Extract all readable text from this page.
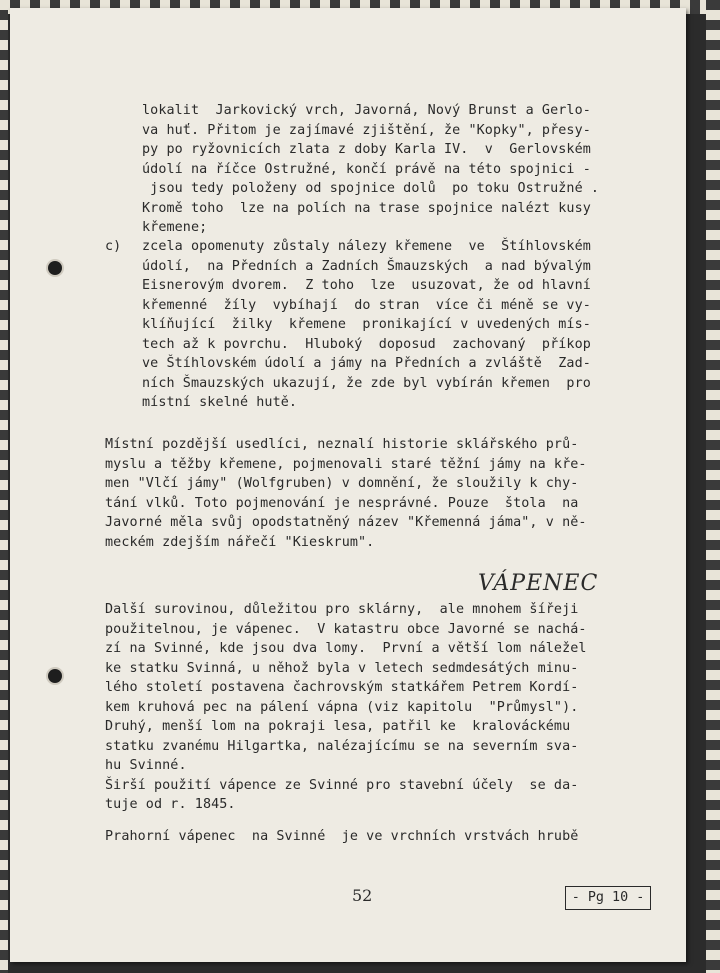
lokalit  Jarkovický vrch, Javorná, Nový Brunst a Gerlo-
va huť. Přitom je zajímavé zjištění, že "Kopky", přesy-
py po ryžovnicích zlata z doby Karla IV.  v  Gerlovském
údolí na říčce Ostružné, končí právě na této spojnici -
jsou tedy položeny od spojnice dolů  po toku Ostružné .
Kromě toho  lze na polích na trase spojnice nalézt kusy
křemene;
c) zcela opomenuty zůstaly nálezy křemene  ve  Štíhlovském
údolí,  na Předních a Zadních Šmauzských  a nad bývalým
Eisnerovým dvorem.  Z toho  lze  usuzovat, že od hlavní
křemenné  žíly  vybíhají  do stran  více či méně se vy-
klíňující  žilky  křemene  pronikající v uvedených mís-
tech až k povrchu.  Hluboký  doposud  zachovaný  příkop
ve Štíhlovském údolí a jámy na Předních a zvláště  Zad-
ních Šmauzských ukazují, že zde byl vybírán křemen  pro
místní skelné hutě.
Místní pozdější usedlíci, neznalí historie sklářského prů-
myslu a těžby křemene, pojmenovali staré těžní jámy na kře-
men "Vlčí jámy" (Wolfgruben) v domnění, že sloužily k chy-
tání vlků. Toto pojmenování je nesprávné. Pouze  štola  na
Javorné měla svůj opodstatněný název "Křemenná jáma", v ně-
meckém zdejším nářečí "Kieskrum".
VÁPENEC
Další surovinou, důležitou pro sklárny,  ale mnohem šířeji
použitelnou, je vápenec.  V katastru obce Javorné se nachá-
zí na Svinné, kde jsou dva lomy.  První a větší lom náležel
ke statku Svinná, u něhož byla v letech sedmdesátých minu-
lého století postavena čachrovským statkářem Petrem Kordí-
kem kruhová pec na pálení vápna (viz kapitolu  "Průmysl").
Druhý, menší lom na pokraji lesa, patřil ke  kralováckému
statku zvanému Hilgartka, nalézajícímu se na severním sva-
hu Svinné.
Širší použití vápence ze Svinné pro stavební účely  se da-
tuje od r. 1845.
Prahorní vápenec  na Svinné  je ve vrchních vrstvách hrubě
52	- Pg 10 -
